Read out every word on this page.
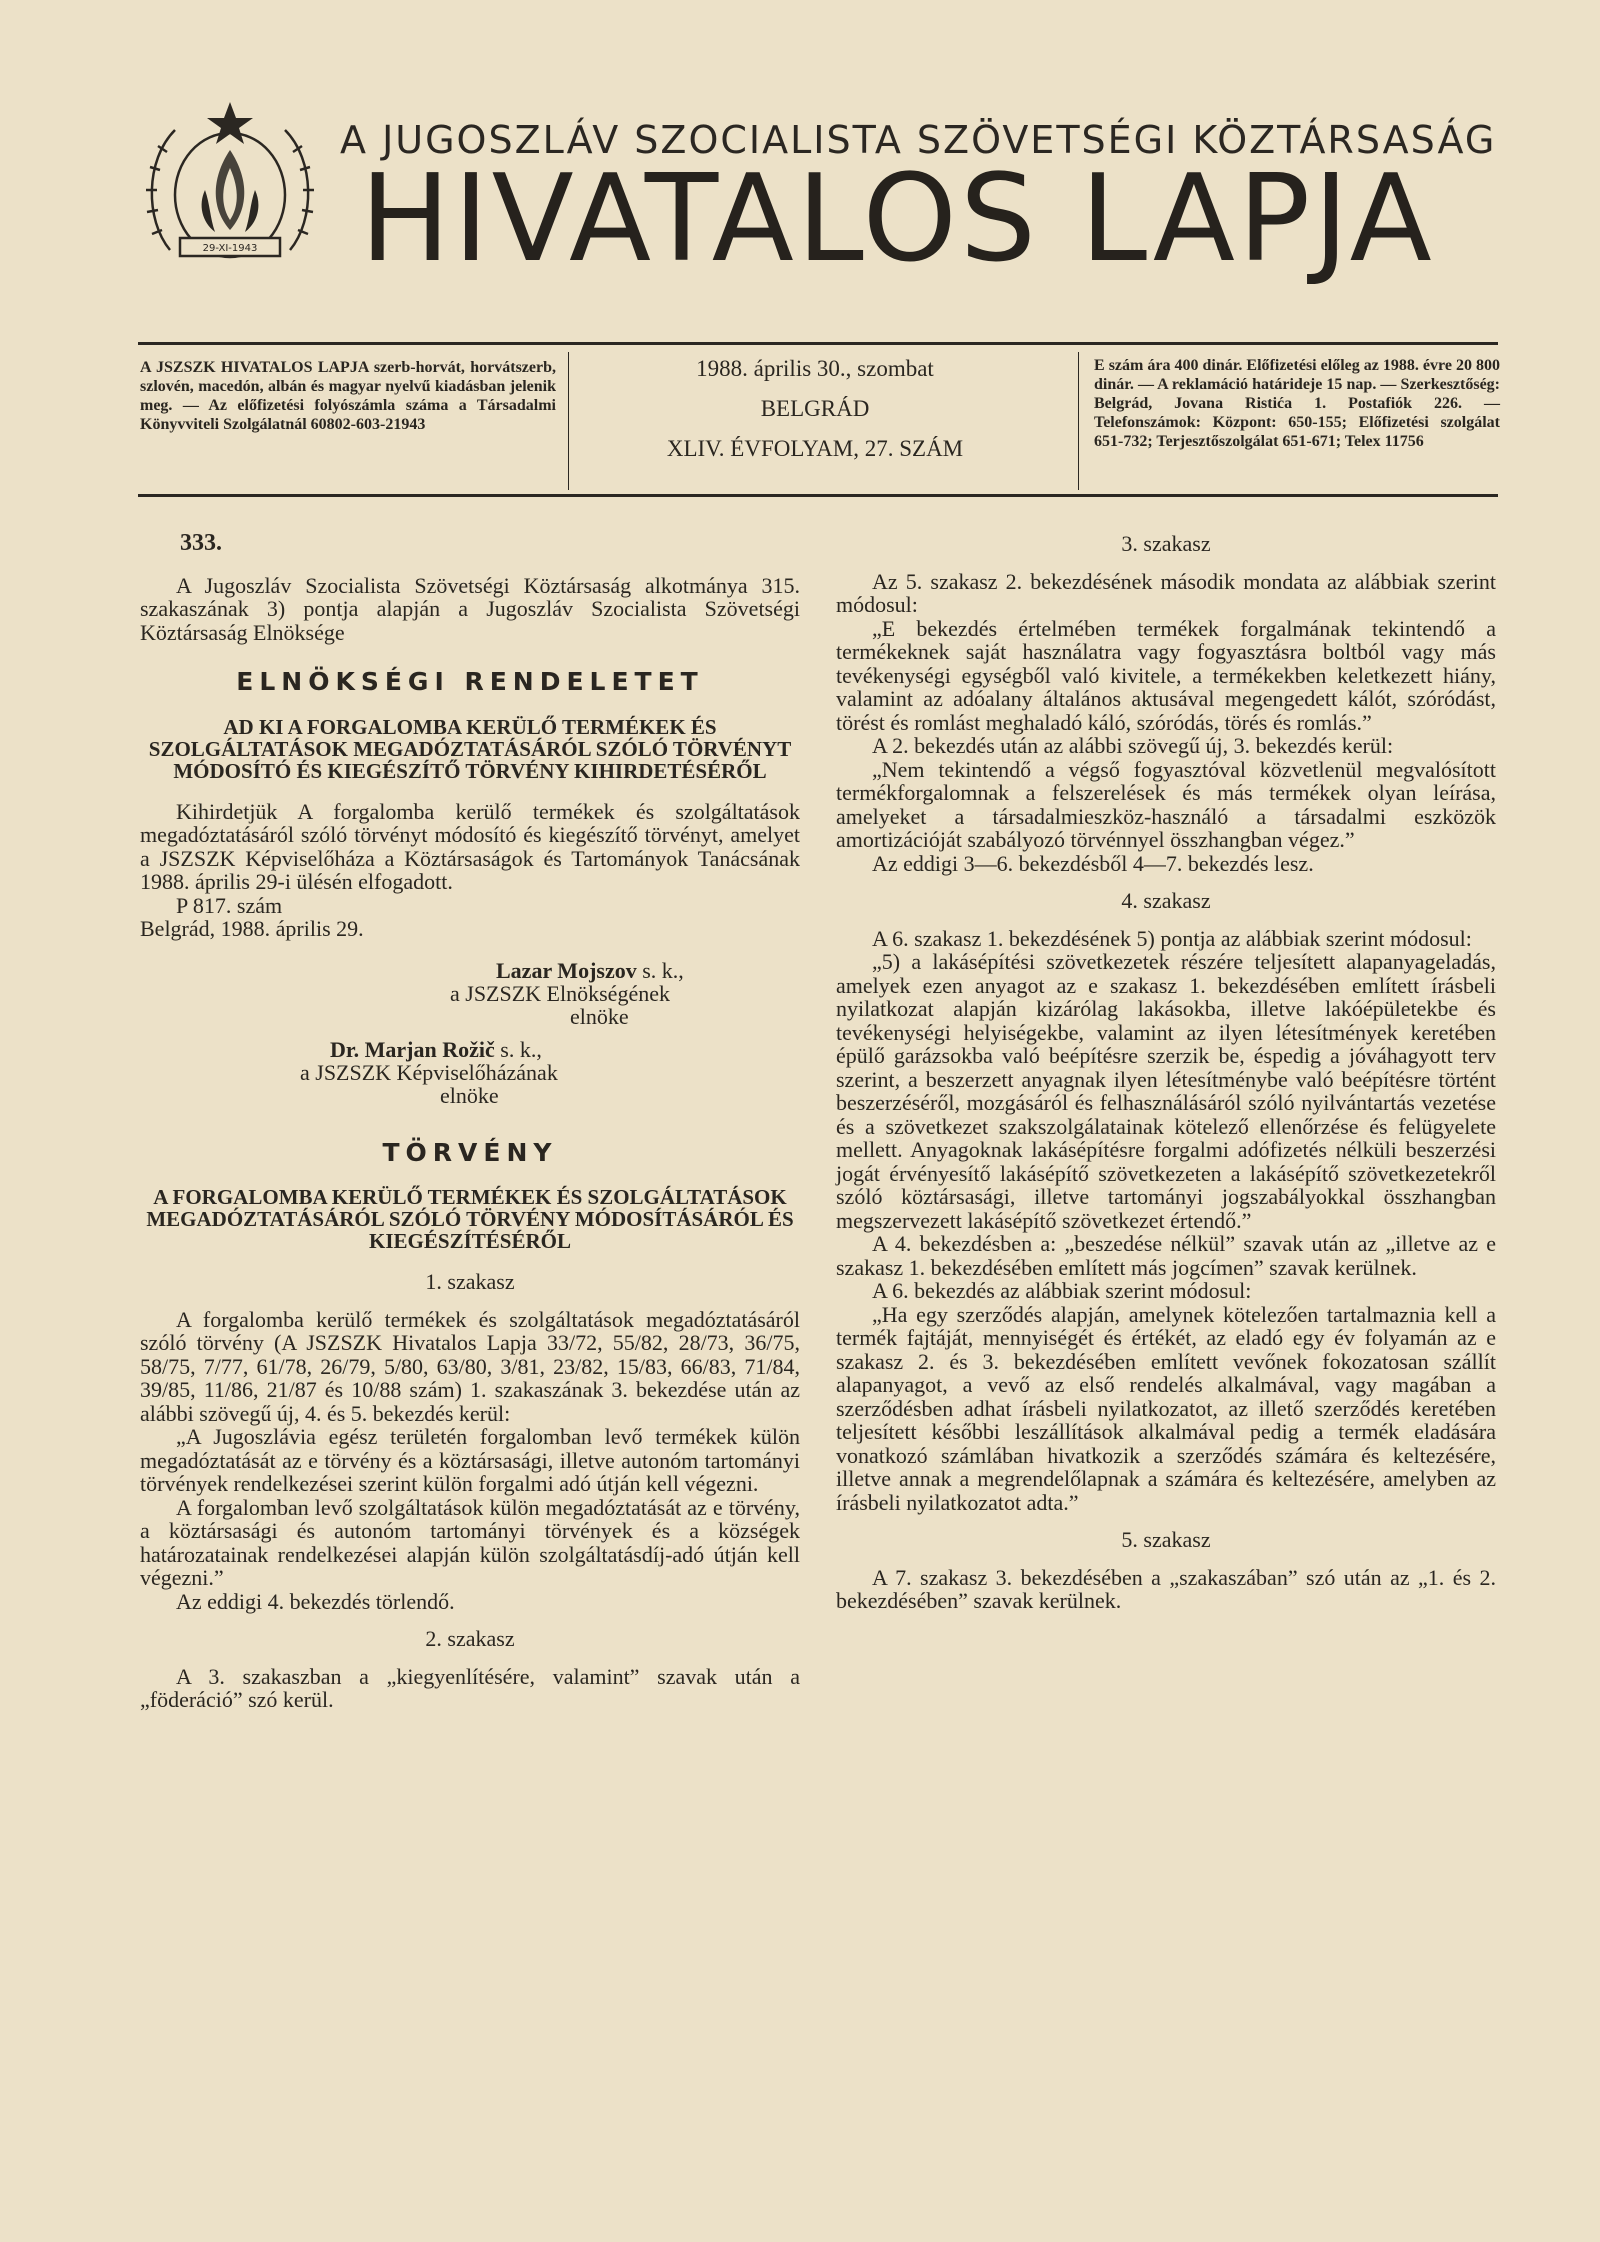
29-XI-1943
A JUGOSZLÁV SZOCIALISTA SZÖVETSÉGI KÖZTÁRSASÁG
HIVATALOS LAPJA
A JSZSZK HIVATALOS LAPJA szerb-horvát, horvátszerb, szlovén, macedón, albán és magyar nyelvű kiadásban jelenik meg. — Az előfizetési folyószámla száma a Társadalmi Könyvviteli Szolgálatnál 60802-603-21943
1988. április 30., szombat
BELGRÁD
XLIV. ÉVFOLYAM, 27. SZÁM
E szám ára 400 dinár. Előfizetési előleg az 1988. évre 20 800 dinár. — A reklamáció határideje 15 nap. — Szerkesztőség: Belgrád, Jovana Ristića 1. Postafiók 226. — Telefonszámok: Központ: 650-155; Előfizetési szolgálat 651-732; Terjesztőszolgálat 651-671; Telex 11756
333.

A Jugoszláv Szocialista Szövetségi Köztársaság alkotmánya 315. szakaszának 3) pontja alapján a Jugoszláv Szocialista Szövetségi Köztársaság Elnöksége

ELNÖKSÉGI RENDELETET
AD KI A FORGALOMBA KERÜLŐ TERMÉKEK ÉS SZOLGÁLTATÁSOK MEGADÓZTATÁSÁRÓL SZÓLÓ TÖRVÉNYT MÓDOSÍTÓ ÉS KIEGÉSZÍTŐ TÖRVÉNY KIHIRDETÉSÉRŐL

Kihirdetjük A forgalomba kerülő termékek és szolgáltatások megadóztatásáról szóló törvényt módosító és kiegészítő törvényt, amelyet a JSZSZK Képviselőháza a Köztársaságok és Tartományok Tanácsának 1988. április 29-i ülésén elfogadott.

P 817. szám

Belgrád, 1988. április 29.

Lazar Mojszov s. k.,
a JSZSZK Elnökségének
elnöke
Dr. Marjan Rožič s. k.,
a JSZSZK Képviselőházának
elnöke
TÖRVÉNY
A FORGALOMBA KERÜLŐ TERMÉKEK ÉS SZOLGÁLTATÁSOK MEGADÓZTATÁSÁRÓL SZÓLÓ TÖRVÉNY MÓDOSÍTÁSÁRÓL ÉS KIEGÉSZÍTÉSÉRŐL
1. szakasz

A forgalomba kerülő termékek és szolgáltatások megadóztatásáról szóló törvény (A JSZSZK Hivatalos Lapja 33/72, 55/82, 28/73, 36/75, 58/75, 7/77, 61/78, 26/79, 5/80, 63/80, 3/81, 23/82, 15/83, 66/83, 71/84, 39/85, 11/86, 21/87 és 10/88 szám) 1. szakaszának 3. bekezdése után az alábbi szövegű új, 4. és 5. bekezdés kerül:

„A Jugoszlávia egész területén forgalomban levő termékek külön megadóztatását az e törvény és a köztársasági, illetve autonóm tartományi törvények rendelkezései szerint külön forgalmi adó útján kell végezni.

A forgalomban levő szolgáltatások külön megadóztatását az e törvény, a köztársasági és autonóm tartományi törvények és a községek határozatainak rendelkezései alapján külön szolgáltatásdíj-adó útján kell végezni.”

Az eddigi 4. bekezdés törlendő.

2. szakasz

A 3. szakaszban a „kiegyenlítésére, valamint” szavak után a „föderáció” szó kerül.

3. szakasz

Az 5. szakasz 2. bekezdésének második mondata az alábbiak szerint módosul:

„E bekezdés értelmében termékek forgalmának tekintendő a termékeknek saját használatra vagy fogyasztásra boltból vagy más tevékenységi egységből való kivitele, a termékekben keletkezett hiány, valamint az adóalany általános aktusával megengedett kálót, szóródást, törést és romlást meghaladó káló, szóródás, törés és romlás.”

A 2. bekezdés után az alábbi szövegű új, 3. bekezdés kerül:

„Nem tekintendő a végső fogyasztóval közvetlenül megvalósított termékforgalomnak a felszerelések és más termékek olyan leírása, amelyeket a társadalmieszköz-használó a társadalmi eszközök amortizációját szabályozó törvénnyel összhangban végez.”

Az eddigi 3—6. bekezdésből 4—7. bekezdés lesz.

4. szakasz

A 6. szakasz 1. bekezdésének 5) pontja az alábbiak szerint módosul:

„5) a lakásépítési szövetkezetek részére teljesített alapanyageladás, amelyek ezen anyagot az e szakasz 1. bekezdésében említett írásbeli nyilatkozat alapján kizárólag lakásokba, illetve lakóépületekbe és tevékenységi helyiségekbe, valamint az ilyen létesítmények keretében épülő garázsokba való beépítésre szerzik be, éspedig a jóváhagyott terv szerint, a beszerzett anyagnak ilyen létesítménybe való beépítésre történt beszerzéséről, mozgásáról és felhasználásáról szóló nyilvántartás vezetése és a szövetkezet szakszolgálatainak kötelező ellenőrzése és felügyelete mellett. Anyagoknak lakásépítésre forgalmi adófizetés nélküli beszerzési jogát érvényesítő lakásépítő szövetkezeten a lakásépítő szövetkezetekről szóló köztársasági, illetve tartományi jogszabályokkal összhangban megszervezett lakásépítő szövetkezet értendő.”

A 4. bekezdésben a: „beszedése nélkül” szavak után az „illetve az e szakasz 1. bekezdésében említett más jogcímen” szavak kerülnek.

A 6. bekezdés az alábbiak szerint módosul:

„Ha egy szerződés alapján, amelynek kötelezően tartalmaznia kell a termék fajtáját, mennyiségét és értékét, az eladó egy év folyamán az e szakasz 2. és 3. bekezdésében említett vevőnek fokozatosan szállít alapanyagot, a vevő az első rendelés alkalmával, vagy magában a szerződésben adhat írásbeli nyilatkozatot, az illető szerződés keretében teljesített későbbi leszállítások alkalmával pedig a termék eladására vonatkozó számlában hivatkozik a szerződés számára és keltezésére, illetve annak a megrendelőlapnak a számára és keltezésére, amelyben az írásbeli nyilatkozatot adta.”

5. szakasz

A 7. szakasz 3. bekezdésében a „szakaszában” szó után az „1. és 2. bekezdésében” szavak kerülnek.
